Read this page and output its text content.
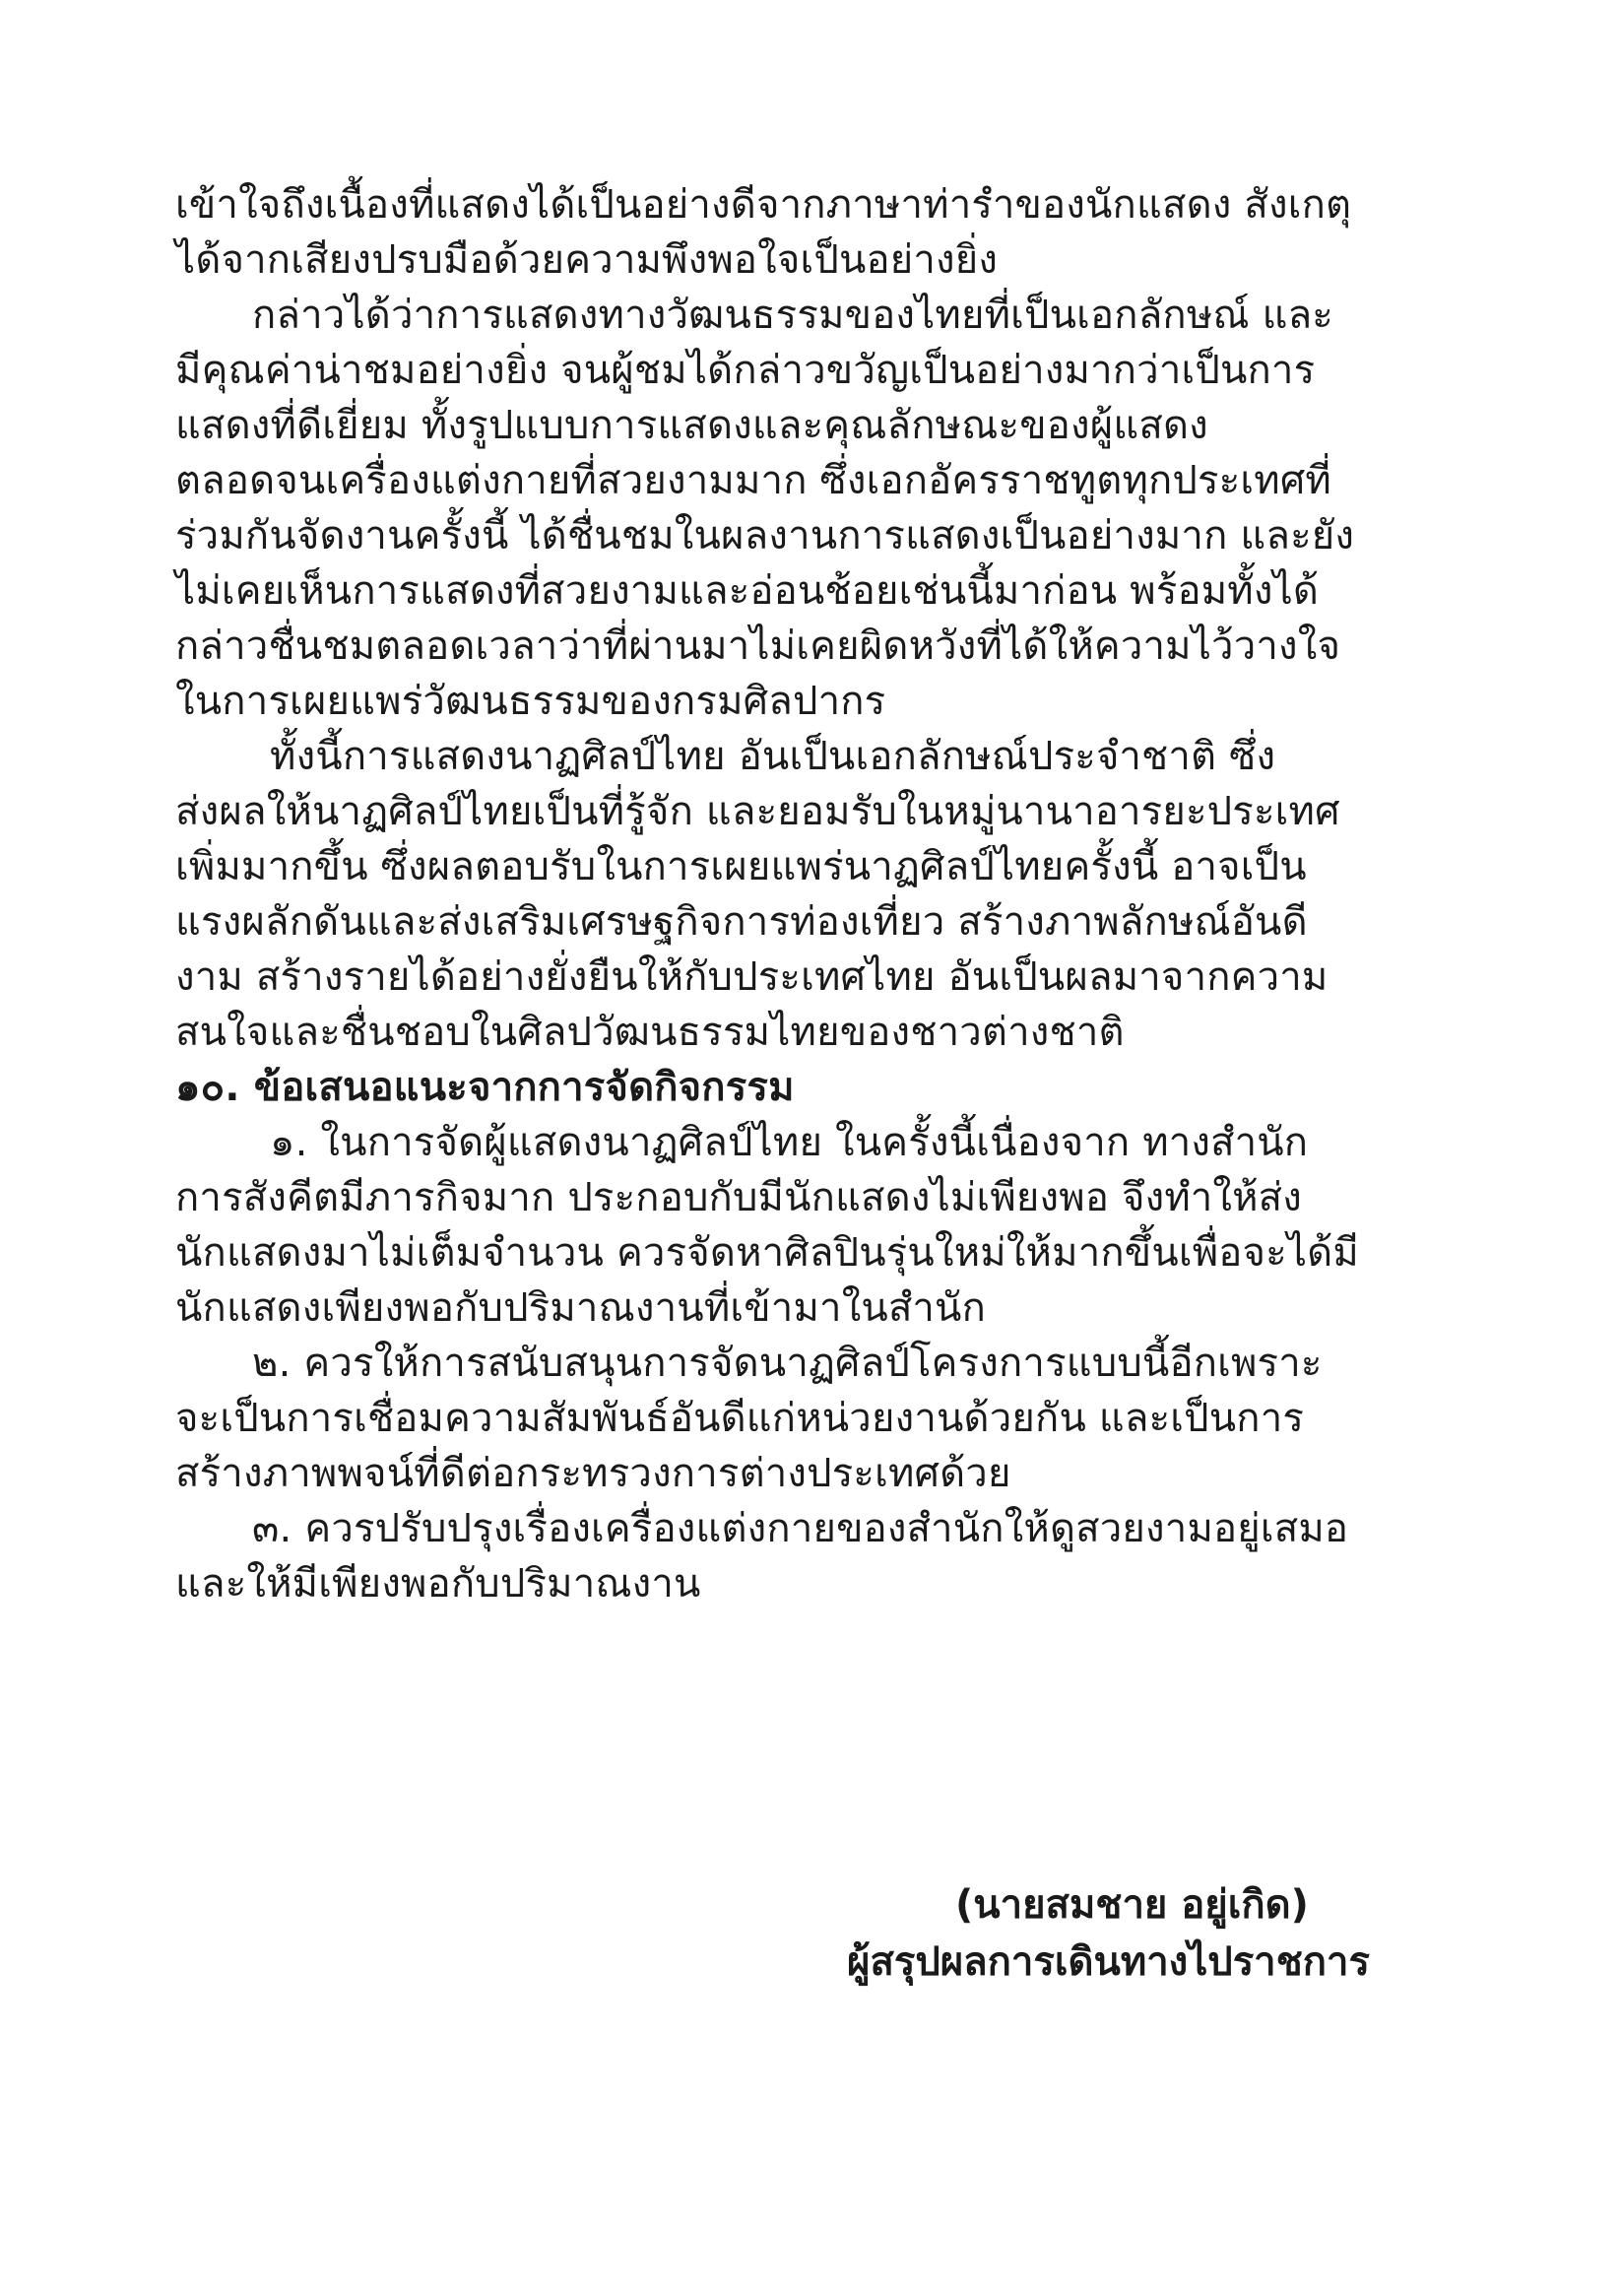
เข้าใจถึงเนื้องที่แสดงได้เป็นอย่างดีจากภาษาท่ารำของนักแสดง สังเกตุ
ได้จากเสียงปรบมือด้วยความพึงพอใจเป็นอย่างยิ่ง
กล่าวได้ว่าการแสดงทางวัฒนธรรมของไทยที่เป็นเอกลักษณ์ และ
มีคุณค่าน่าชมอย่างยิ่ง จนผู้ชมได้กล่าวขวัญเป็นอย่างมากว่าเป็นการ
แสดงที่ดีเยี่ยม ทั้งรูปแบบการแสดงและคุณลักษณะของผู้แสดง
ตลอดจนเครื่องแต่งกายที่สวยงามมาก ซึ่งเอกอัครราชทูตทุกประเทศที่
ร่วมกันจัดงานครั้งนี้ ได้ชื่นชมในผลงานการแสดงเป็นอย่างมาก และยัง
ไม่เคยเห็นการแสดงที่สวยงามและอ่อนช้อยเช่นนี้มาก่อน พร้อมทั้งได้
กล่าวชื่นชมตลอดเวลาว่าที่ผ่านมาไม่เคยผิดหวังที่ได้ให้ความไว้วางใจ
ในการเผยแพร่วัฒนธรรมของกรมศิลปากร
ทั้งนี้การแสดงนาฏศิลป์ไทย อันเป็นเอกลักษณ์ประจำชาติ ซึ่ง
ส่งผลให้นาฏศิลป์ไทยเป็นที่รู้จัก และยอมรับในหมู่นานาอารยะประเทศ
เพิ่มมากขึ้น ซึ่งผลตอบรับในการเผยแพร่นาฏศิลป์ไทยครั้งนี้ อาจเป็น
แรงผลักดันและส่งเสริมเศรษฐกิจการท่องเที่ยว สร้างภาพลักษณ์อันดี
งาม สร้างรายได้อย่างยั่งยืนให้กับประเทศไทย อันเป็นผลมาจากความ
สนใจและชื่นชอบในศิลปวัฒนธรรมไทยของชาวต่างชาติ
๑๐. ข้อเสนอแนะจากการจัดกิจกรรม
๑. ในการจัดผู้แสดงนาฏศิลป์ไทย ในครั้งนี้เนื่องจาก ทางสำนัก
การสังคีตมีภารกิจมาก ประกอบกับมีนักแสดงไม่เพียงพอ จึงทำให้ส่ง
นักแสดงมาไม่เต็มจำนวน ควรจัดหาศิลปินรุ่นใหม่ให้มากขึ้นเพื่อจะได้มี
นักแสดงเพียงพอกับปริมาณงานที่เข้ามาในสำนัก
๒. ควรให้การสนับสนุนการจัดนาฏศิลป์โครงการแบบนี้อีกเพราะ
จะเป็นการเชื่อมความสัมพันธ์อันดีแก่หน่วยงานด้วยกัน และเป็นการ
สร้างภาพพจน์ที่ดีต่อกระทรวงการต่างประเทศด้วย
๓. ควรปรับปรุงเรื่องเครื่องแต่งกายของสำนักให้ดูสวยงามอยู่เสมอ
และให้มีเพียงพอกับปริมาณงาน
(นายสมชาย อยู่เกิด)
ผู้สรุปผลการเดินทางไปราชการ
